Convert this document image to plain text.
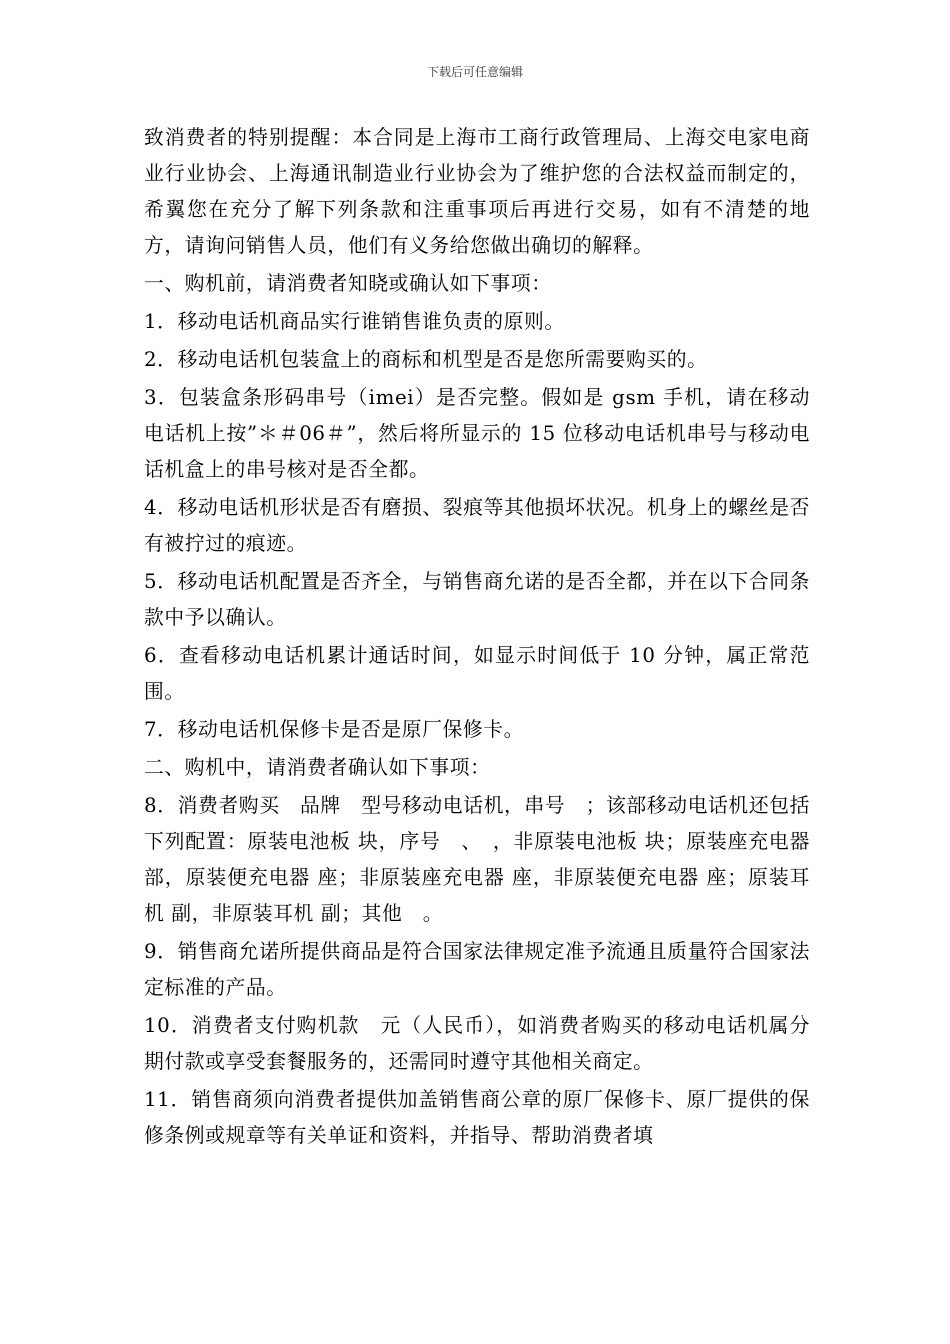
下载后可任意编辑

致消费者的特别提醒：本合同是上海市工商行政管理局、上海交电家电商业行业协会、上海通讯制造业行业协会为了维护您的合法权益而制定的，希翼您在充分了解下列条款和注重事项后再进行交易，如有不清楚的地方，请询问销售人员，他们有义务给您做出确切的解释。

一、购机前，请消费者知晓或确认如下事项：

1．移动电话机商品实行谁销售谁负责的原则。

2．移动电话机包装盒上的商标和机型是否是您所需要购买的。

3．包装盒条形码串号（imei）是否完整。假如是 gsm 手机，请在移动电话机上按”＊＃06＃”，然后将所显示的 15 位移动电话机串号与移动电话机盒上的串号核对是否全都。

4．移动电话机形状是否有磨损、裂痕等其他损坏状况。机身上的螺丝是否有被拧过的痕迹。

5．移动电话机配置是否齐全，与销售商允诺的是否全都，并在以下合同条款中予以确认。

6．查看移动电话机累计通话时间，如显示时间低于 10 分钟，属正常范围。

7．移动电话机保修卡是否是原厂保修卡。

二、购机中，请消费者确认如下事项：

8．消费者购买　品牌　型号移动电话机，串号　；该部移动电话机还包括下列配置：原装电池板 块，序号　、　，非原装电池板 块；原装座充电器 部，原装便充电器 座；非原装座充电器 座，非原装便充电器 座；原装耳机 副，非原装耳机 副；其他　。

9．销售商允诺所提供商品是符合国家法律规定准予流通且质量符合国家法定标准的产品。

10．消费者支付购机款　元（人民币），如消费者购买的移动电话机属分期付款或享受套餐服务的，还需同时遵守其他相关商定。

11．销售商须向消费者提供加盖销售商公章的原厂保修卡、原厂提供的保修条例或规章等有关单证和资料，并指导、帮助消费者填
